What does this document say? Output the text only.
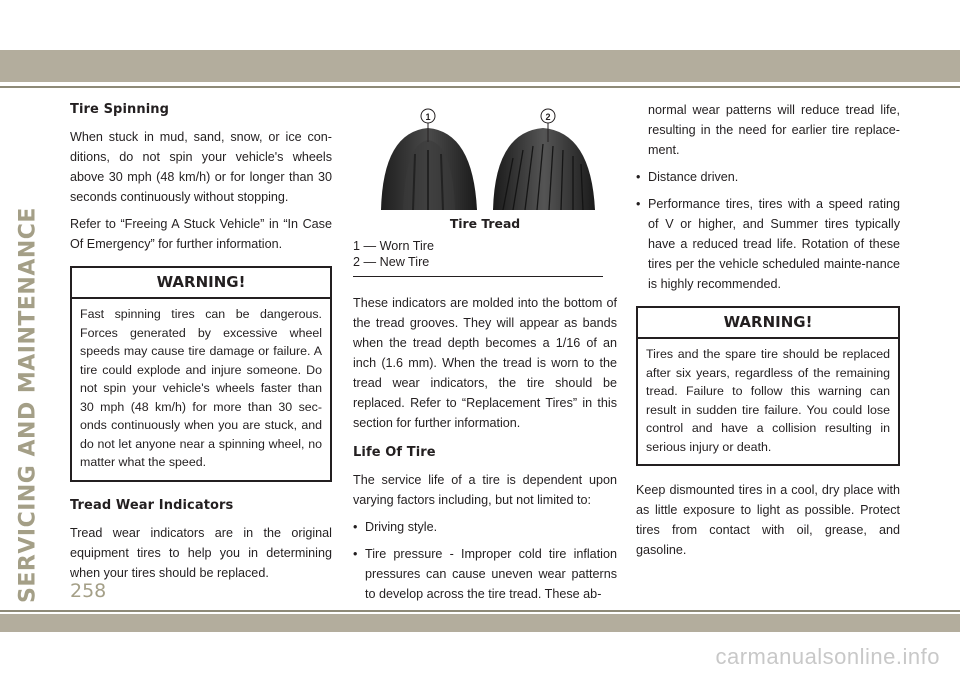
SERVICING AND MAINTENANCE
Tire Spinning

When stuck in mud, sand, snow, or ice con-ditions, do not spin your vehicle's wheels above 30 mph (48 km/h) or for longer than 30 seconds continuously without stopping.

Refer to “Freeing A Stuck Vehicle” in “In Case Of Emergency” for further information.

WARNING!
Fast spinning tires can be dangerous. Forces generated by excessive wheel speeds may cause tire damage or failure. A tire could explode and injure someone. Do not spin your vehicle's wheels faster than 30 mph (48 km/h) for more than 30 sec-onds continuously when you are stuck, and do not let anyone near a spinning wheel, no matter what the speed.
Tread Wear Indicators

Tread wear indicators are in the original equipment tires to help you in determining when your tires should be replaced.

1	2
Tire Tread
1 — Worn Tire
2 — New Tire

These indicators are molded into the bottom of the tread grooves. They will appear as bands when the tread depth becomes a 1/16 of an inch (1.6 mm). When the tread is worn to the tread wear indicators, the tire should be replaced. Refer to “Replacement Tires” in this section for further information.

Life Of Tire

The service life of a tire is dependent upon varying factors including, but not limited to:

• Driving style.
• Tire pressure - Improper cold tire inflation pressures can cause uneven wear patterns to develop across the tire tread. These ab-

normal wear patterns will reduce tread life, resulting in the need for earlier tire replace-ment.

• Distance driven.
• Performance tires, tires with a speed rating of V or higher, and Summer tires typically have a reduced tread life. Rotation of these tires per the vehicle scheduled mainte-nance is highly recommended.
WARNING!
Tires and the spare tire should be replaced after six years, regardless of the remaining tread. Failure to follow this warning can result in sudden tire failure. You could lose control and have a collision resulting in serious injury or death.

Keep dismounted tires in a cool, dry place with as little exposure to light as possible. Protect tires from contact with oil, grease, and gasoline.

258
carmanualsonline.info
